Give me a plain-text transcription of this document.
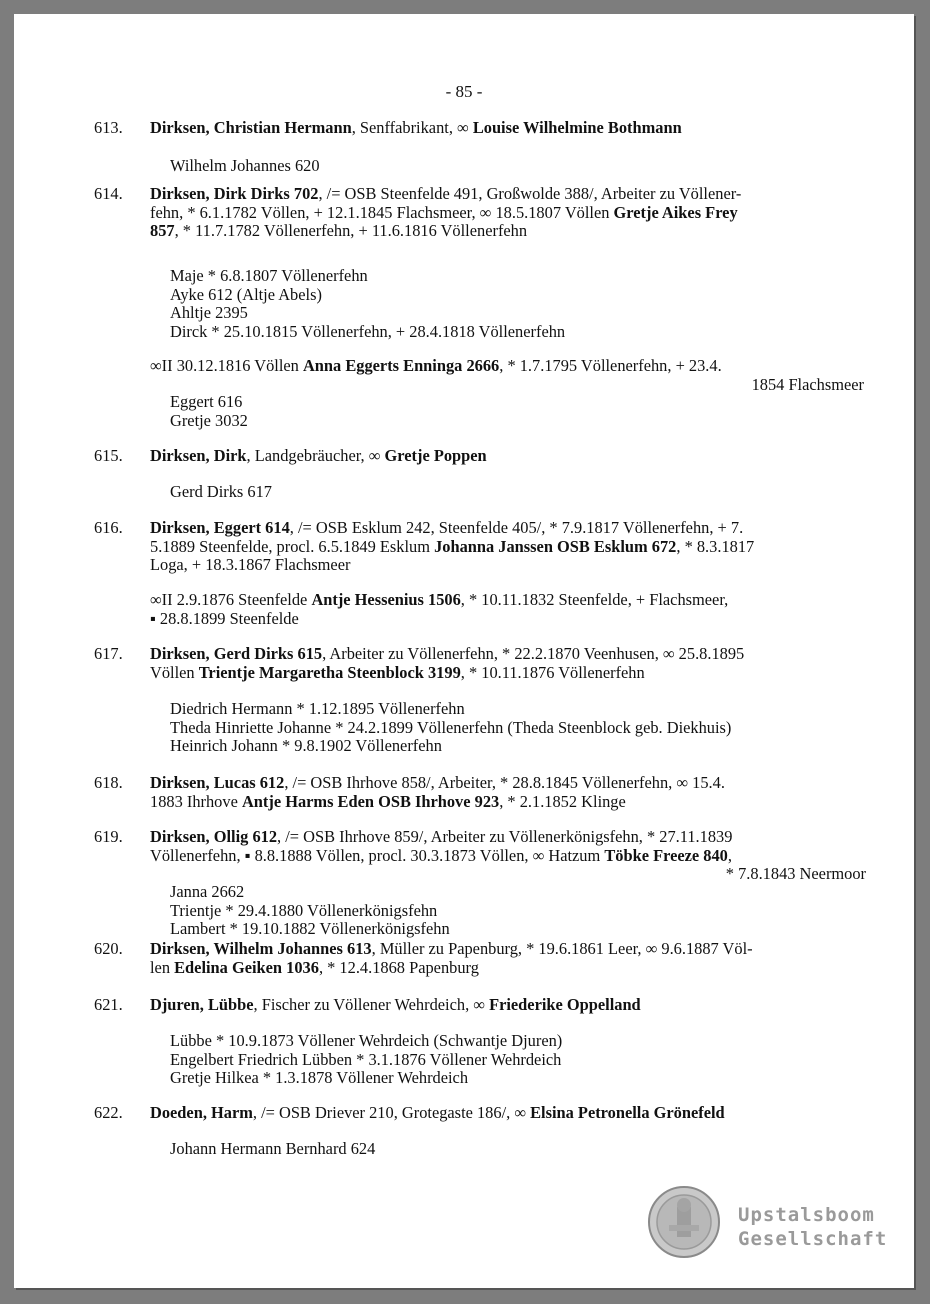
- 85 -
613. Dirksen, Christian Hermann, Senffabrikant, ∞ Louise Wilhelmine Bothmann
Wilhelm Johannes 620
614. Dirksen, Dirk Dirks 702, /= OSB Steenfelde 491, Großwolde 388/, Arbeiter zu Völlener-
fehn, * 6.1.1782 Völlen, + 12.1.1845 Flachsmeer, ∞ 18.5.1807 Völlen Gretje Aikes Frey
857, * 11.7.1782 Völlenerfehn, + 11.6.1816 Völlenerfehn
Maje * 6.8.1807 Völlenerfehn
Ayke 612 (Altje Abels)
Ahltje 2395
Dirck * 25.10.1815 Völlenerfehn, + 28.4.1818 Völlenerfehn
∞II 30.12.1816 Völlen Anna Eggerts Enninga 2666, * 1.7.1795 Völlenerfehn, + 23.4.
1854 Flachsmeer
Eggert 616
Gretje 3032
615. Dirksen, Dirk, Landgebräucher, ∞ Gretje Poppen
Gerd Dirks 617
616. Dirksen, Eggert 614, /= OSB Esklum 242, Steenfelde 405/, * 7.9.1817 Völlenerfehn, + 7.
5.1889 Steenfelde, procl. 6.5.1849 Esklum Johanna Janssen OSB Esklum 672, * 8.3.1817
Loga, + 18.3.1867 Flachsmeer
∞II 2.9.1876 Steenfelde Antje Hessenius 1506, * 10.11.1832 Steenfelde, + Flachsmeer,
▪ 28.8.1899 Steenfelde
617. Dirksen, Gerd Dirks 615, Arbeiter zu Völlenerfehn, * 22.2.1870 Veenhusen, ∞ 25.8.1895
Völlen Trientje Margaretha Steenblock 3199, * 10.11.1876 Völlenerfehn
Diedrich Hermann * 1.12.1895 Völlenerfehn
Theda Hinriette Johanne * 24.2.1899 Völlenerfehn (Theda Steenblock geb. Diekhuis)
Heinrich Johann * 9.8.1902 Völlenerfehn
618. Dirksen, Lucas 612, /= OSB Ihrhove 858/, Arbeiter, * 28.8.1845 Völlenerfehn, ∞ 15.4.
1883 Ihrhove Antje Harms Eden OSB Ihrhove 923, * 2.1.1852 Klinge
619. Dirksen, Ollig 612, /= OSB Ihrhove 859/, Arbeiter zu Völlenerkönigsfehn, * 27.11.1839
Völlenerfehn, ▪ 8.8.1888 Völlen, procl. 30.3.1873 Völlen, ∞ Hatzum Töbke Freeze 840,
* 7.8.1843 Neermoor
Janna 2662
Trientje * 29.4.1880 Völlenerkönigsfehn
Lambert * 19.10.1882 Völlenerkönigsfehn
620. Dirksen, Wilhelm Johannes 613, Müller zu Papenburg, * 19.6.1861 Leer, ∞ 9.6.1887 Völ-
len Edelina Geiken 1036, * 12.4.1868 Papenburg
621. Djuren, Lübbe, Fischer zu Völlener Wehrdeich, ∞ Friederike Oppelland
Lübbe * 10.9.1873 Völlener Wehrdeich (Schwantje Djuren)
Engelbert Friedrich Lübben * 3.1.1876 Völlener Wehrdeich
Gretje Hilkea * 1.3.1878 Völlener Wehrdeich
622. Doeden, Harm, /= OSB Driever 210, Grotegaste 186/, ∞ Elsina Petronella Grönefeld
Johann Hermann Bernhard 624
Upstalsboom
Gesellschaft
